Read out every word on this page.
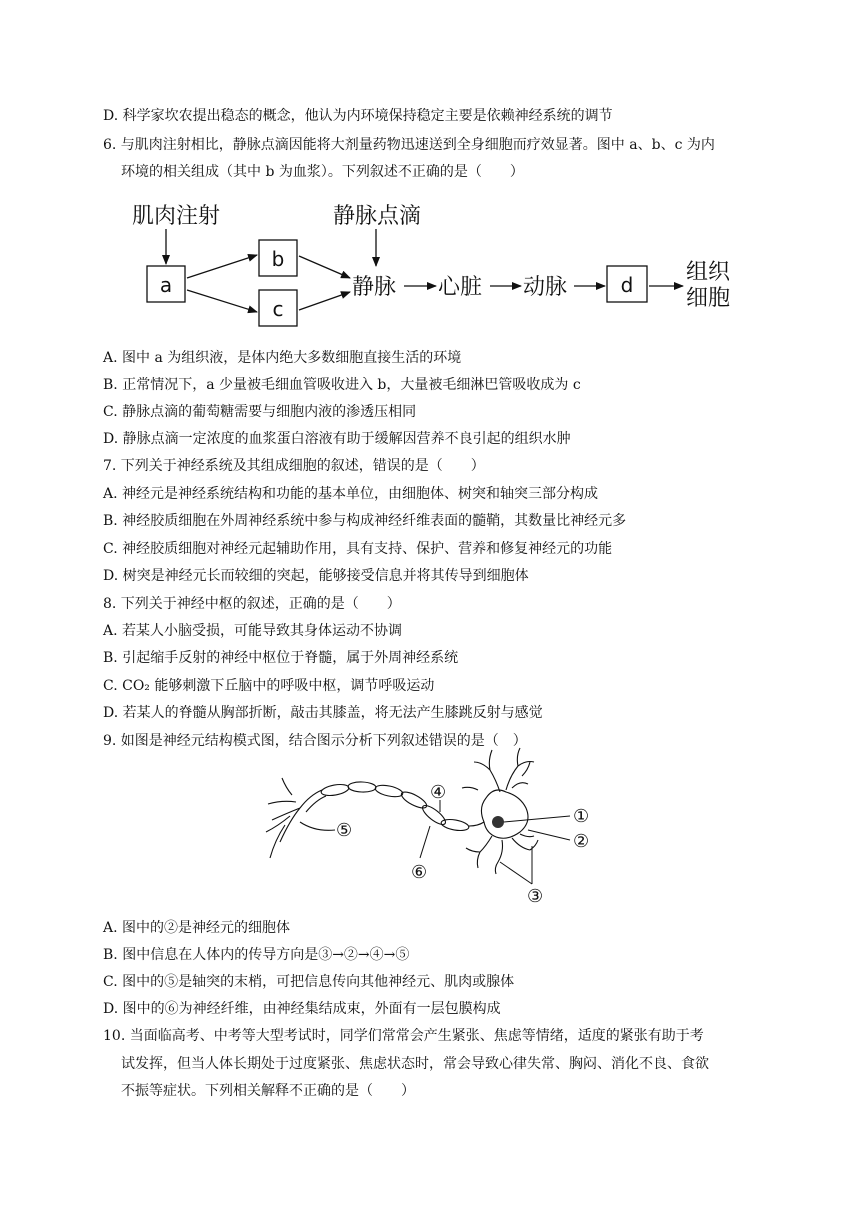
D. 科学家坎农提出稳态的概念，他认为内环境保持稳定主要是依赖神经系统的调节
6. 与肌肉注射相比，静脉点滴因能将大剂量药物迅速送到全身细胞而疗效显著。图中 a、b、c 为内
环境的相关组成（其中 b 为血浆）。下列叙述不正确的是（　　）
肌肉注射
a
b
c
静脉点滴
静脉 心脏 动脉	d 组织
细胞
A. 图中 a 为组织液，是体内绝大多数细胞直接生活的环境
B. 正常情况下，a 少量被毛细血管吸收进入 b，大量被毛细淋巴管吸收成为 c
C. 静脉点滴的葡萄糖需要与细胞内液的渗透压相同
D. 静脉点滴一定浓度的血浆蛋白溶液有助于缓解因营养不良引起的组织水肿
7. 下列关于神经系统及其组成细胞的叙述，错误的是（　　）
A. 神经元是神经系统结构和功能的基本单位，由细胞体、树突和轴突三部分构成
B. 神经胶质细胞在外周神经系统中参与构成神经纤维表面的髓鞘，其数量比神经元多
C. 神经胶质细胞对神经元起辅助作用，具有支持、保护、营养和修复神经元的功能
D. 树突是神经元长而较细的突起，能够接受信息并将其传导到细胞体
8. 下列关于神经中枢的叙述，正确的是（　　）
A. 若某人小脑受损，可能导致其身体运动不协调
B. 引起缩手反射的神经中枢位于脊髓，属于外周神经系统
C. CO₂ 能够刺激下丘脑中的呼吸中枢，调节呼吸运动
D. 若某人的脊髓从胸部折断，敲击其膝盖，将无法产生膝跳反射与感觉
9. 如图是神经元结构模式图，结合图示分析下列叙述错误的是（　）
④
①
②
③
⑤
⑥
A. 图中的②是神经元的细胞体
B. 图中信息在人体内的传导方向是③→②→④→⑤
C. 图中的⑤是轴突的末梢，可把信息传向其他神经元、肌肉或腺体
D. 图中的⑥为神经纤维，由神经集结成束，外面有一层包膜构成
10. 当面临高考、中考等大型考试时，同学们常常会产生紧张、焦虑等情绪，适度的紧张有助于考
试发挥，但当人体长期处于过度紧张、焦虑状态时，常会导致心律失常、胸闷、消化不良、食欲
不振等症状。下列相关解释不正确的是（　　）
